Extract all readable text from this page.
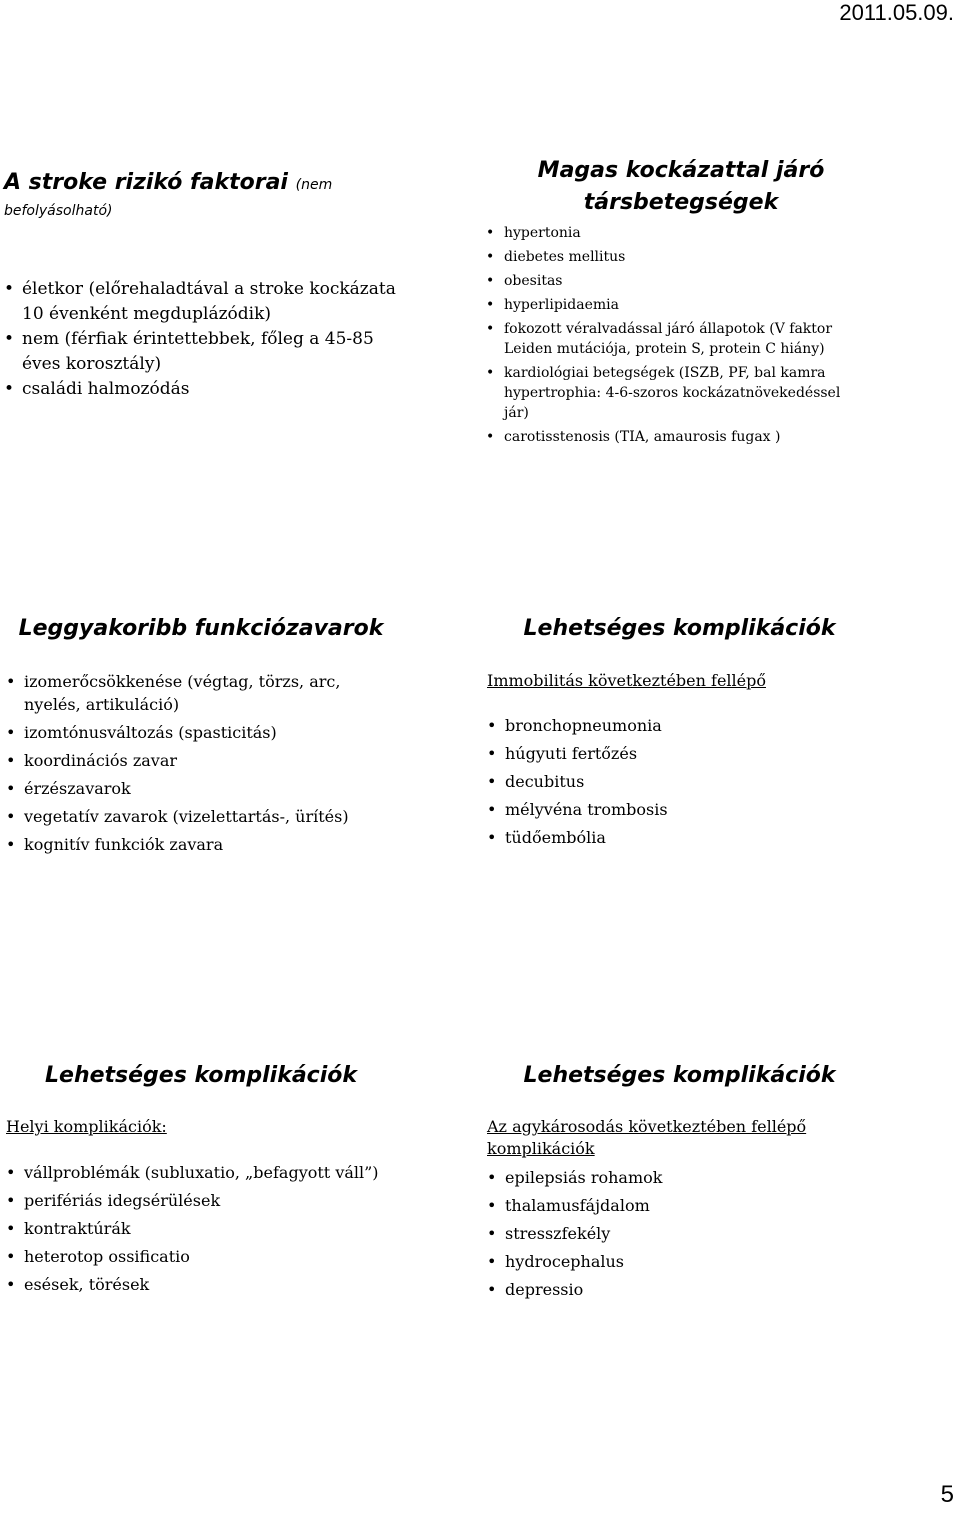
2011.05.09.
A stroke rizikó faktorai (nem befolyásolható)
• életkor (előrehaladtával a stroke kockázata 10 évenként megduplázódik)
• nem (férfiak érintettebbek, főleg a 45-85 éves korosztály)
• családi halmozódás
Magas kockázattal járó társbetegségek
• hypertonia
• diebetes mellitus
• obesitas
• hyperlipidaemia
• fokozott véralvadással járó állapotok (V faktor Leiden mutációja, protein S, protein C hiány)
• kardiológiai betegségek (ISZB, PF, bal kamra hypertrophia: 4-6-szoros kockázatnövekedéssel jár)
• carotisstenosis (TIA, amaurosis fugax )
Leggyakoribb funkciózavarok
• izomerőcsökkenése (végtag, törzs, arc, nyelés, artikuláció)
• izomtónusváltozás (spasticitás)
• koordinációs zavar
• érzészavarok
• vegetatív zavarok (vizelettartás-, ürítés)
• kognitív funkciók zavara
Lehetséges komplikációk
Immobilitás következtében fellépő
• bronchopneumonia
• húgyuti fertőzés
• decubitus
• mélyvéna trombosis
• tüdőembólia
Lehetséges komplikációk
Helyi komplikációk:
• vállproblémák (subluxatio, „befagyott váll”)
• perifériás idegsérülések
• kontraktúrák
• heterotop ossificatio
• esések, törések
Lehetséges komplikációk
Az agykárosodás következtében fellépő komplikációk
• epilepsiás rohamok
• thalamusfájdalom
• stresszfekély
• hydrocephalus
• depressio
5
